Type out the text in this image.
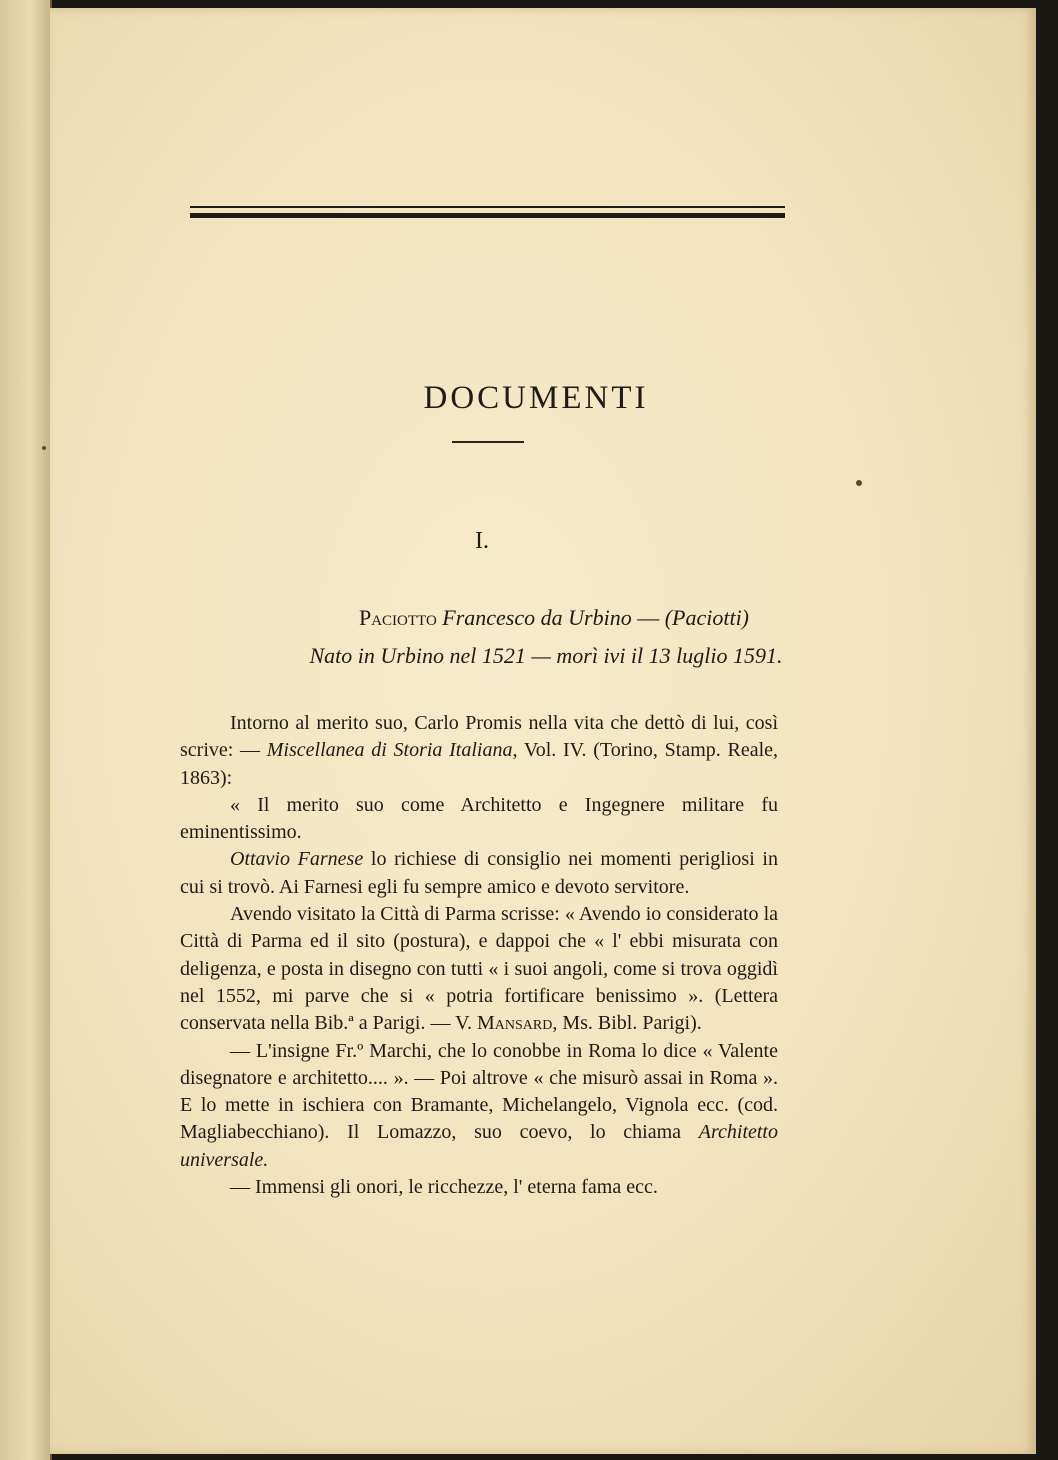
DOCUMENTI
I.
Paciotto Francesco da Urbino — (Paciotti)
Nato in Urbino nel 1521 — morì ivi il 13 luglio 1591.

Intorno al merito suo, Carlo Promis nella vita che dettò di lui, così scrive: — Miscellanea di Storia Italiana, Vol. IV. (Torino, Stamp. Reale, 1863):

« Il merito suo come Architetto e Ingegnere militare fu eminentissimo.

Ottavio Farnese lo richiese di consiglio nei momenti perigliosi in cui si trovò. Ai Farnesi egli fu sempre amico e devoto servitore.

Avendo visitato la Città di Parma scrisse: « Avendo io considerato la Città di Parma ed il sito (postura), e dappoi che « l' ebbi misurata con deligenza, e posta in disegno con tutti « i suoi angoli, come si trova oggidì nel 1552, mi parve che si « potria fortificare benissimo ». (Lettera conservata nella Bib.ª a Parigi. — V. Mansard, Ms. Bibl. Parigi).

— L'insigne Fr.º Marchi, che lo conobbe in Roma lo dice « Valente disegnatore e architetto.... ». — Poi altrove « che misurò assai in Roma ». E lo mette in ischiera con Bramante, Michelangelo, Vignola ecc. (cod. Magliabecchiano). Il Lomazzo, suo coevo, lo chiama Architetto universale.

— Immensi gli onori, le ricchezze, l' eterna fama ecc.
